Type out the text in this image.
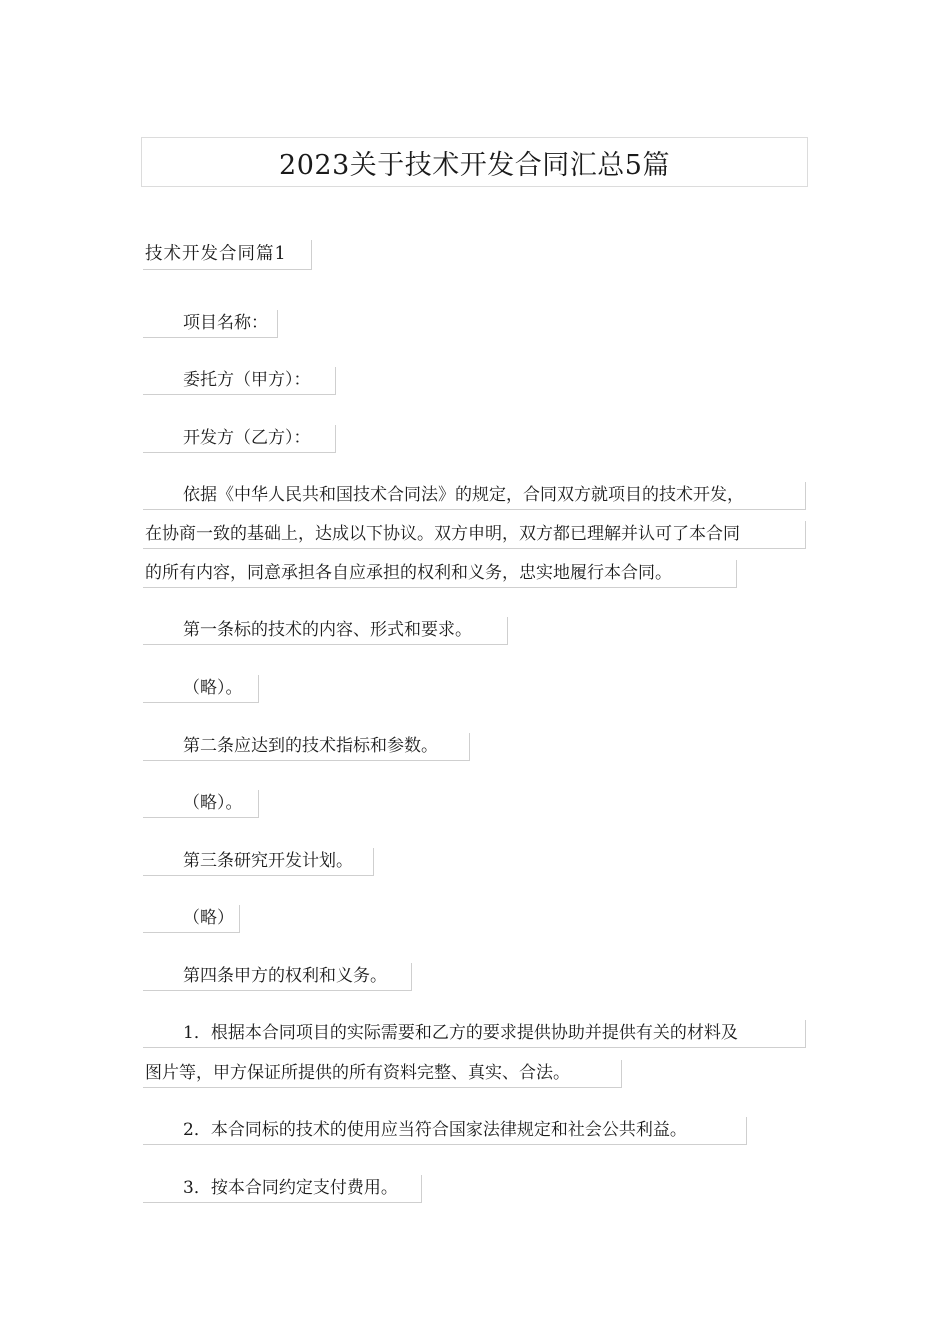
2023关于技术开发合同汇总5篇
技术开发合同篇1
项目名称：
委托方（甲方）：
开发方（乙方）：
依据《中华人民共和国技术合同法》的规定，合同双方就项目的技术开发，
在协商一致的基础上，达成以下协议。双方申明，双方都已理解并认可了本合同
的所有内容，同意承担各自应承担的权利和义务，忠实地履行本合同。
第一条标的技术的内容、形式和要求。
（略）。
第二条应达到的技术指标和参数。
（略）。
第三条研究开发计划。
（略）
第四条甲方的权利和义务。
1．根据本合同项目的实际需要和乙方的要求提供协助并提供有关的材料及
图片等，甲方保证所提供的所有资料完整、真实、合法。
2．本合同标的技术的使用应当符合国家法律规定和社会公共利益。
3．按本合同约定支付费用。
